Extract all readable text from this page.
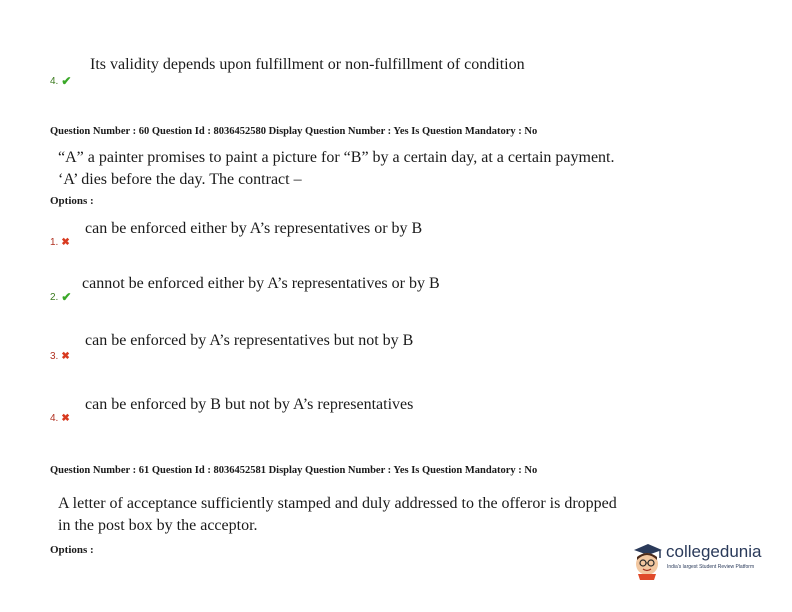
Its validity depends upon fulfillment or non-fulfillment of condition
4. ✔
Question Number : 60 Question Id : 8036452580 Display Question Number : Yes Is Question Mandatory : No
“A” a painter promises to paint a picture for “B” by a certain day, at a certain payment.
‘A’ dies before the day. The contract –
Options :
can be enforced either by A’s representatives or by B
1. ✖
cannot be enforced either by A’s representatives or by B
2. ✔
can be enforced by A’s representatives but not by B
3. ✖
can be enforced by B but not by A’s representatives
4. ✖
Question Number : 61 Question Id : 8036452581 Display Question Number : Yes Is Question Mandatory : No
A letter of acceptance sufficiently stamped and duly addressed to the offeror is dropped
in the post box by the acceptor.
Options :	collegedunia
India's largest Student Review Platform
